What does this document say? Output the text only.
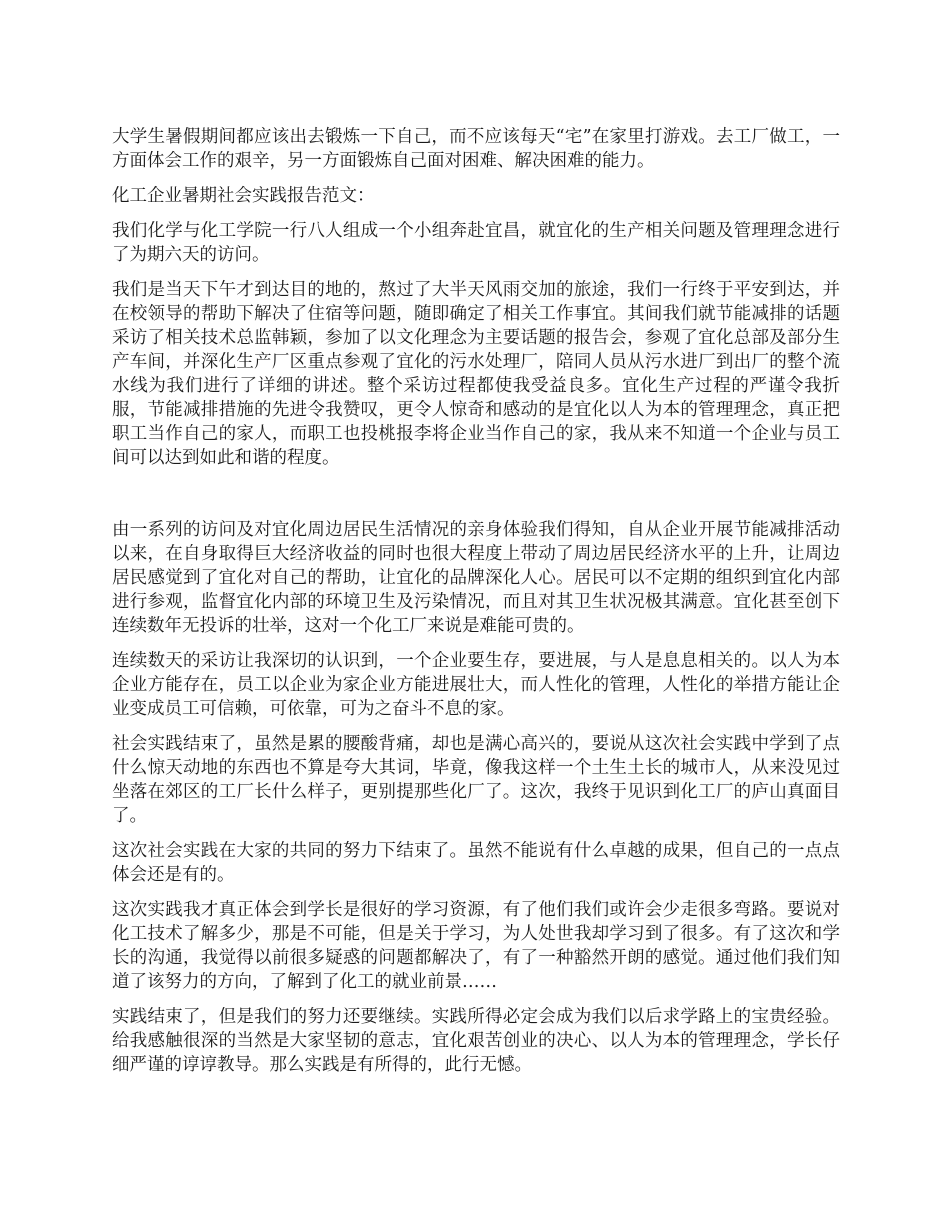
大学生暑假期间都应该出去锻炼一下自己，而不应该每天“宅”在家里打游戏。去工厂做工，一方面体会工作的艰辛，另一方面锻炼自己面对困难、解决困难的能力。

化工企业暑期社会实践报告范文：

我们化学与化工学院一行八人组成一个小组奔赴宜昌，就宜化的生产相关问题及管理理念进行了为期六天的访问。

我们是当天下午才到达目的地的，熬过了大半天风雨交加的旅途，我们一行终于平安到达，并在校领导的帮助下解决了住宿等问题，随即确定了相关工作事宜。其间我们就节能减排的话题采访了相关技术总监韩颖，参加了以文化理念为主要话题的报告会，参观了宜化总部及部分生产车间，并深化生产厂区重点参观了宜化的污水处理厂，陪同人员从污水进厂到出厂的整个流水线为我们进行了详细的讲述。整个采访过程都使我受益良多。宜化生产过程的严谨令我折服，节能减排措施的先进令我赞叹，更令人惊奇和感动的是宜化以人为本的管理理念，真正把职工当作自己的家人，而职工也投桃报李将企业当作自己的家，我从来不知道一个企业与员工间可以达到如此和谐的程度。

由一系列的访问及对宜化周边居民生活情况的亲身体验我们得知，自从企业开展节能减排活动以来，在自身取得巨大经济收益的同时也很大程度上带动了周边居民经济水平的上升，让周边居民感觉到了宜化对自己的帮助，让宜化的品牌深化人心。居民可以不定期的组织到宜化内部进行参观，监督宜化内部的环境卫生及污染情况，而且对其卫生状况极其满意。宜化甚至创下连续数年无投诉的壮举，这对一个化工厂来说是难能可贵的。

连续数天的采访让我深切的认识到，一个企业要生存，要进展，与人是息息相关的。以人为本企业方能存在，员工以企业为家企业方能进展壮大，而人性化的管理，人性化的举措方能让企业变成员工可信赖，可依靠，可为之奋斗不息的家。

社会实践结束了，虽然是累的腰酸背痛，却也是满心高兴的，要说从这次社会实践中学到了点什么惊天动地的东西也不算是夸大其词，毕竟，像我这样一个土生土长的城市人，从来没见过坐落在郊区的工厂长什么样子，更别提那些化厂了。这次，我终于见识到化工厂的庐山真面目了。

这次社会实践在大家的共同的努力下结束了。虽然不能说有什么卓越的成果，但自己的一点点体会还是有的。

这次实践我才真正体会到学长是很好的学习资源，有了他们我们或许会少走很多弯路。要说对化工技术了解多少，那是不可能，但是关于学习，为人处世我却学习到了很多。有了这次和学长的沟通，我觉得以前很多疑惑的问题都解决了，有了一种豁然开朗的感觉。通过他们我们知道了该努力的方向，了解到了化工的就业前景……

实践结束了，但是我们的努力还要继续。实践所得必定会成为我们以后求学路上的宝贵经验。给我感触很深的当然是大家坚韧的意志，宜化艰苦创业的决心、以人为本的管理理念，学长仔细严谨的谆谆教导。那么实践是有所得的，此行无憾。
